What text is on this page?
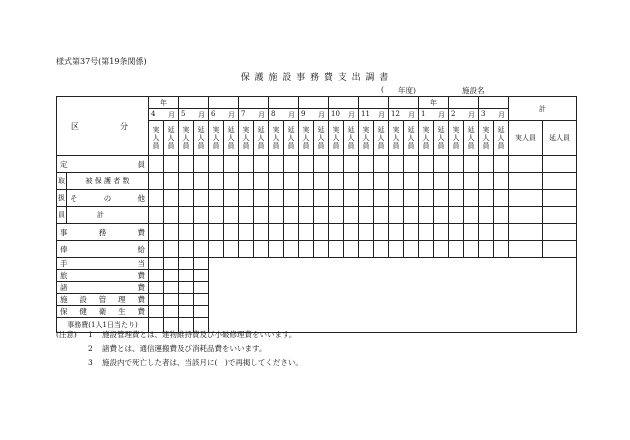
様式第37号(第19条関係)
保 護 施 設 事 務 費 支 出 調 書
( 年度)	施設名
区 分		年																		年						計	

		4 月		5 月		6 月		7 月		8 月		9 月		10 月		11 月		12 月		1 月		2 月		3 月			

		実人員	延人員	実人員	延人員	実人員	延人員	実人員	延人員	実人員	延人員	実人員	延人員	実人員	延人員	実人員	延人員	実人員	延人員	実人員	延人員	実人員	延人員	実人員	延人員	実人員	延人員

定 員																											

取	被 保 護 者 数																										
扱	そ の 他																										

員	計																										

事 務 費																											

俸 給																											

手 当																											

旅 費																											

諸 費																											

施 設 管 理 費																											

保 健 衛 生 費																											

事務費(1人1日当たり)																											
(注意)	1	施設管理費とは、建物維持費及び小破修理費をいいます。
2	諸費とは、通信運搬費及び消耗品費をいいます。
3	施設内で死亡した者は、当該月に(　)で再掲してください。
